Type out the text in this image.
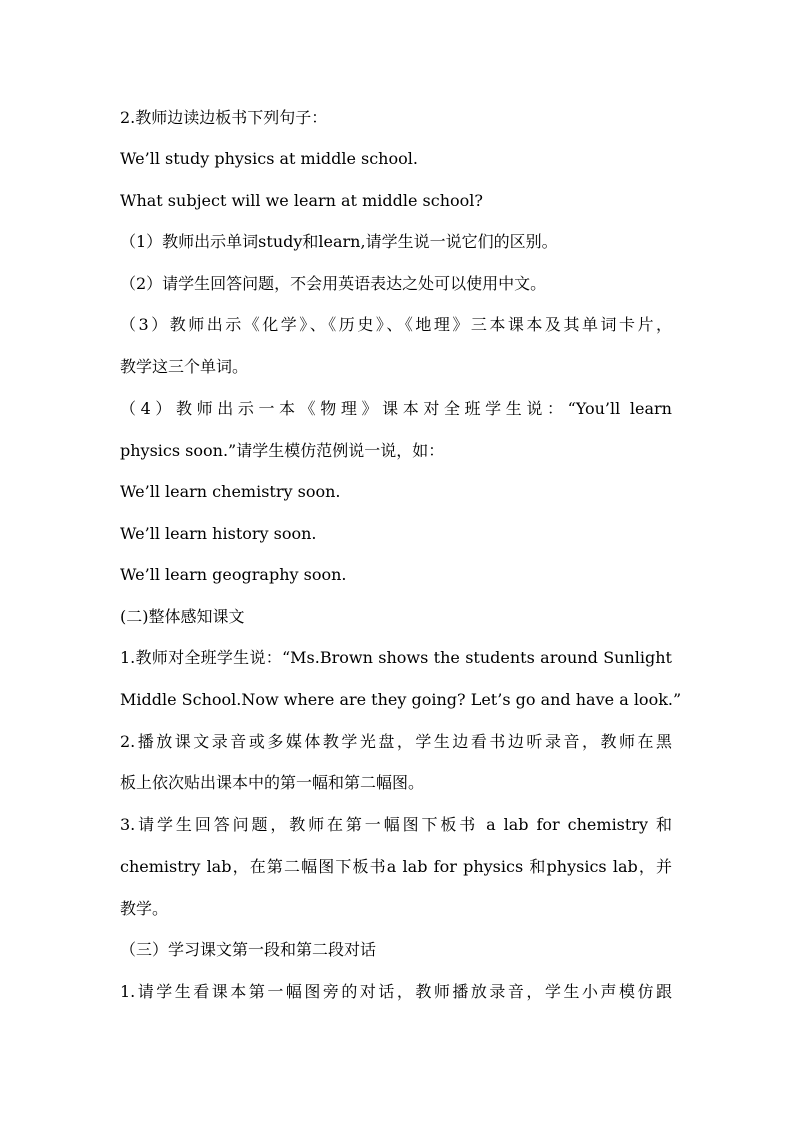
2.教师边读边板书下列句子：
We’ll study physics at middle school.
What subject will we learn at middle school?
（1）教师出示单词study和learn,请学生说一说它们的区别。
（2）请学生回答问题，不会用英语表达之处可以使用中文。
（3）教师出示《化学》、《历史》、《地理》三本课本及其单词卡片，
教学这三个单词。
（4）教师出示一本《物理》课本对全班学生说：“You’ll learn
physics soon.”请学生模仿范例说一说，如：
We’ll learn chemistry soon.
We’ll learn history soon.
We’ll learn geography soon.
(二)整体感知课文
1.教师对全班学生说：“Ms.Brown shows the students around Sunlight
Middle School.Now where are they going? Let’s go and have a look.”
2.播放课文录音或多媒体教学光盘，学生边看书边听录音，教师在黑
板上依次贴出课本中的第一幅和第二幅图。
3.请学生回答问题，教师在第一幅图下板书 a lab for chemistry 和
chemistry lab，在第二幅图下板书a lab for physics 和physics lab，并
教学。
（三）学习课文第一段和第二段对话
1.请学生看课本第一幅图旁的对话，教师播放录音，学生小声模仿跟
